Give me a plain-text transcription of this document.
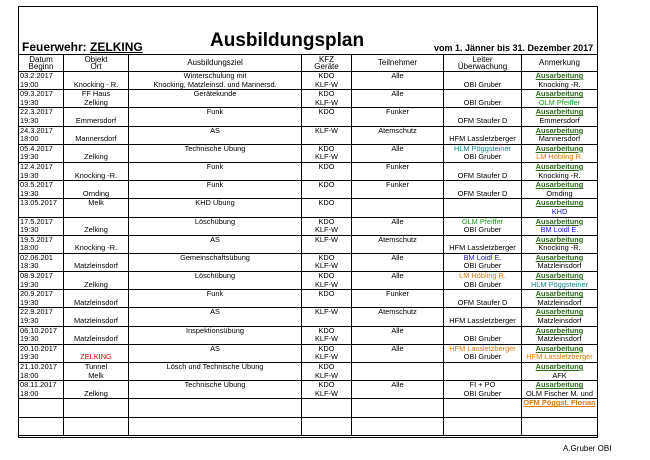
Feuerwehr: ZELKING	Ausbildungsplan	vom 1. Jänner bis 31. Dezember 2017
Datum
Beginn	Objekt
Ort	Ausbildungsziel	KFZ
Geräte	Teilnehmer	Leiter
Überwachung	Anmerkung
03.2.2017		Winterschulung mit	KDO	Alle		Ausarbeitung
19:00	Knocking - R.	Knocking, Matzleinsd. und Mannersd.	KLF-W		OBI Gruber	Knocking -R.
09.3.2017	FF Haus	Gerätekunde	KDO	Alle		Ausarbeitung
19:30	Zelking		KLF-W		OBI Gruber	OLM Pfeiffer
22.3.2017		Funk	KDO	Funker		Ausarbeitung
19:30	Emmersdorf				OFM Staufer D	Emmersdorf
24.3.2017		AS	KLF-W	Atemschutz		Ausarbeitung
18:00	Mannersdorf				HFM Lassletzberger	Mannersdorf
05.4.2017		Technische Übung	KDO	Alle	HLM Pöggsteiner	Ausarbeitung
19:30	Zelking		KLF-W		OBI Gruber	LM Höbling R.
12.4.2017		Funk	KDO	Funker		Ausarbeitung
19:30	Knocking -R.				OFM Staufer D	Knocking -R.
03.5.2017		Funk	KDO	Funker		Ausarbeitung
19:30	Ornding				OFM Staufer D	Ornding
13.05.2017	Melk	KHD Übung	KDO			Ausarbeitung
						KHD
17.5.2017		Löschübung	KDO	Alle	OLM Pfeiffer	Ausarbeitung
19:30	Zelking		KLF-W		OBI Gruber	BM Loidl E.
19.5.2017		AS	KLF-W	Atemschutz		Ausarbeitung
18:00	Knocking -R.				HFM Lassletzberger	Knocking -R.
02.06.201		Gemeinschaftsübung	KDO	Alle	BM Loidl E.	Ausarbeitung
18:30	Matzleinsdorf		KLF-W		OBI Gruber	Matzleinsdorf
08.9.2017		Löschübung	KDO	Alle	LM Höbling R.	Ausarbeitung
19:30	Zelking		KLF-W		OBI Gruber	HLM Pöggsteiner
20.9.2017		Funk	KDO	Funker		Ausarbeitung
19:30	Matzleinsdorf				OFM Staufer D	Matzleinsdorf
22.9.2017		AS	KLF-W	Atemschutz		Ausarbeitung
19:30	Matzleinsdorf				HFM Lassletzberger	Matzleinsdorf
06.10.2017		Inspektionsübung	KDO	Alle		Ausarbeitung
19:30	Matzleinsdorf		KLF-W		OBI Gruber	Matzleinsdorf
20.10.2017		AS	KDO	Alle	HFM Lassletzberger	Ausarbeitung
19:30	ZELKING		KLF-W		OBI Gruber	HFM Lassletzberger
21.10.2017	Tunnel	Lösch und Technische Übung	KDO			Ausarbeitung
18:00	Melk		KLF-W			AFK
08.11.2017		Technische Übung	KDO	Alle	FI + PÖ	Ausarbeitung
18:00	Zelking		KLF-W		OBI Gruber	OLM Fischer M. und
						OFM Pöggst. Florian

A.Gruber OBI
